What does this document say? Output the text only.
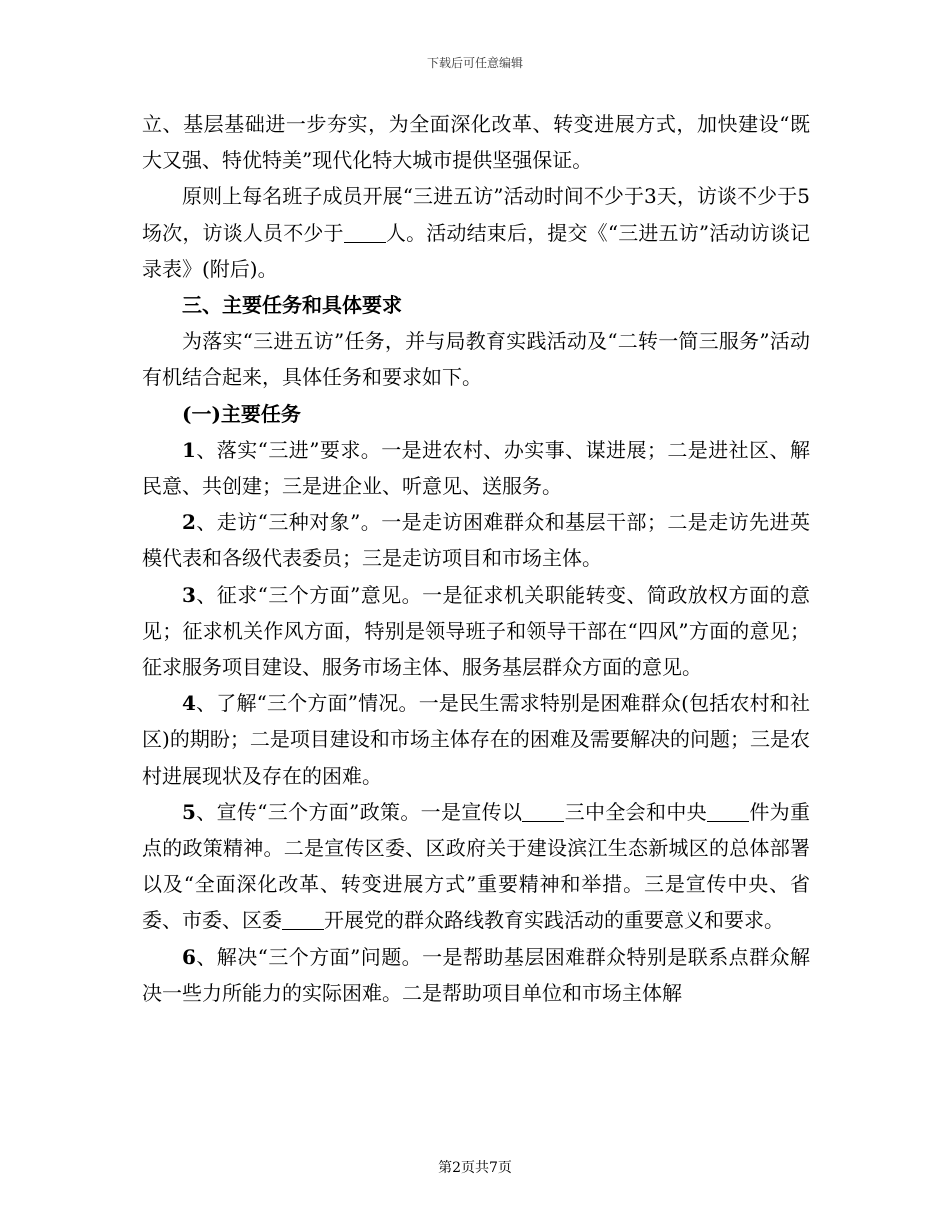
下载后可任意编辑

立、基层基础进一步夯实，为全面深化改革、转变进展方式，加快建设“既大又强、特优特美”现代化特大城市提供坚强保证。

原则上每名班子成员开展“三进五访”活动时间不少于3天，访谈不少于5场次，访谈人员不少于 人。活动结束后，提交《“三进五访”活动访谈记录表》(附后)。

三、主要任务和具体要求

为落实“三进五访”任务，并与局教育实践活动及“二转一简三服务”活动有机结合起来，具体任务和要求如下。

(一)主要任务

1、落实“三进”要求。一是进农村、办实事、谋进展；二是进社区、解民意、共创建；三是进企业、听意见、送服务。

2、走访“三种对象”。一是走访困难群众和基层干部；二是走访先进英模代表和各级代表委员；三是走访项目和市场主体。

3、征求“三个方面”意见。一是征求机关职能转变、简政放权方面的意见；征求机关作风方面，特别是领导班子和领导干部在“四风”方面的意见；征求服务项目建设、服务市场主体、服务基层群众方面的意见。

4、了解“三个方面”情况。一是民生需求特别是困难群众(包括农村和社区)的期盼；二是项目建设和市场主体存在的困难及需要解决的问题；三是农村进展现状及存在的困难。

5、宣传“三个方面”政策。一是宣传以 三中全会和中央 件为重点的政策精神。二是宣传区委、区政府关于建设滨江生态新城区的总体部署以及“全面深化改革、转变进展方式”重要精神和举措。三是宣传中央、省委、市委、区委 开展党的群众路线教育实践活动的重要意义和要求。

6、解决“三个方面”问题。一是帮助基层困难群众特别是联系点群众解决一些力所能力的实际困难。二是帮助项目单位和市场主体解

第2页共7页
